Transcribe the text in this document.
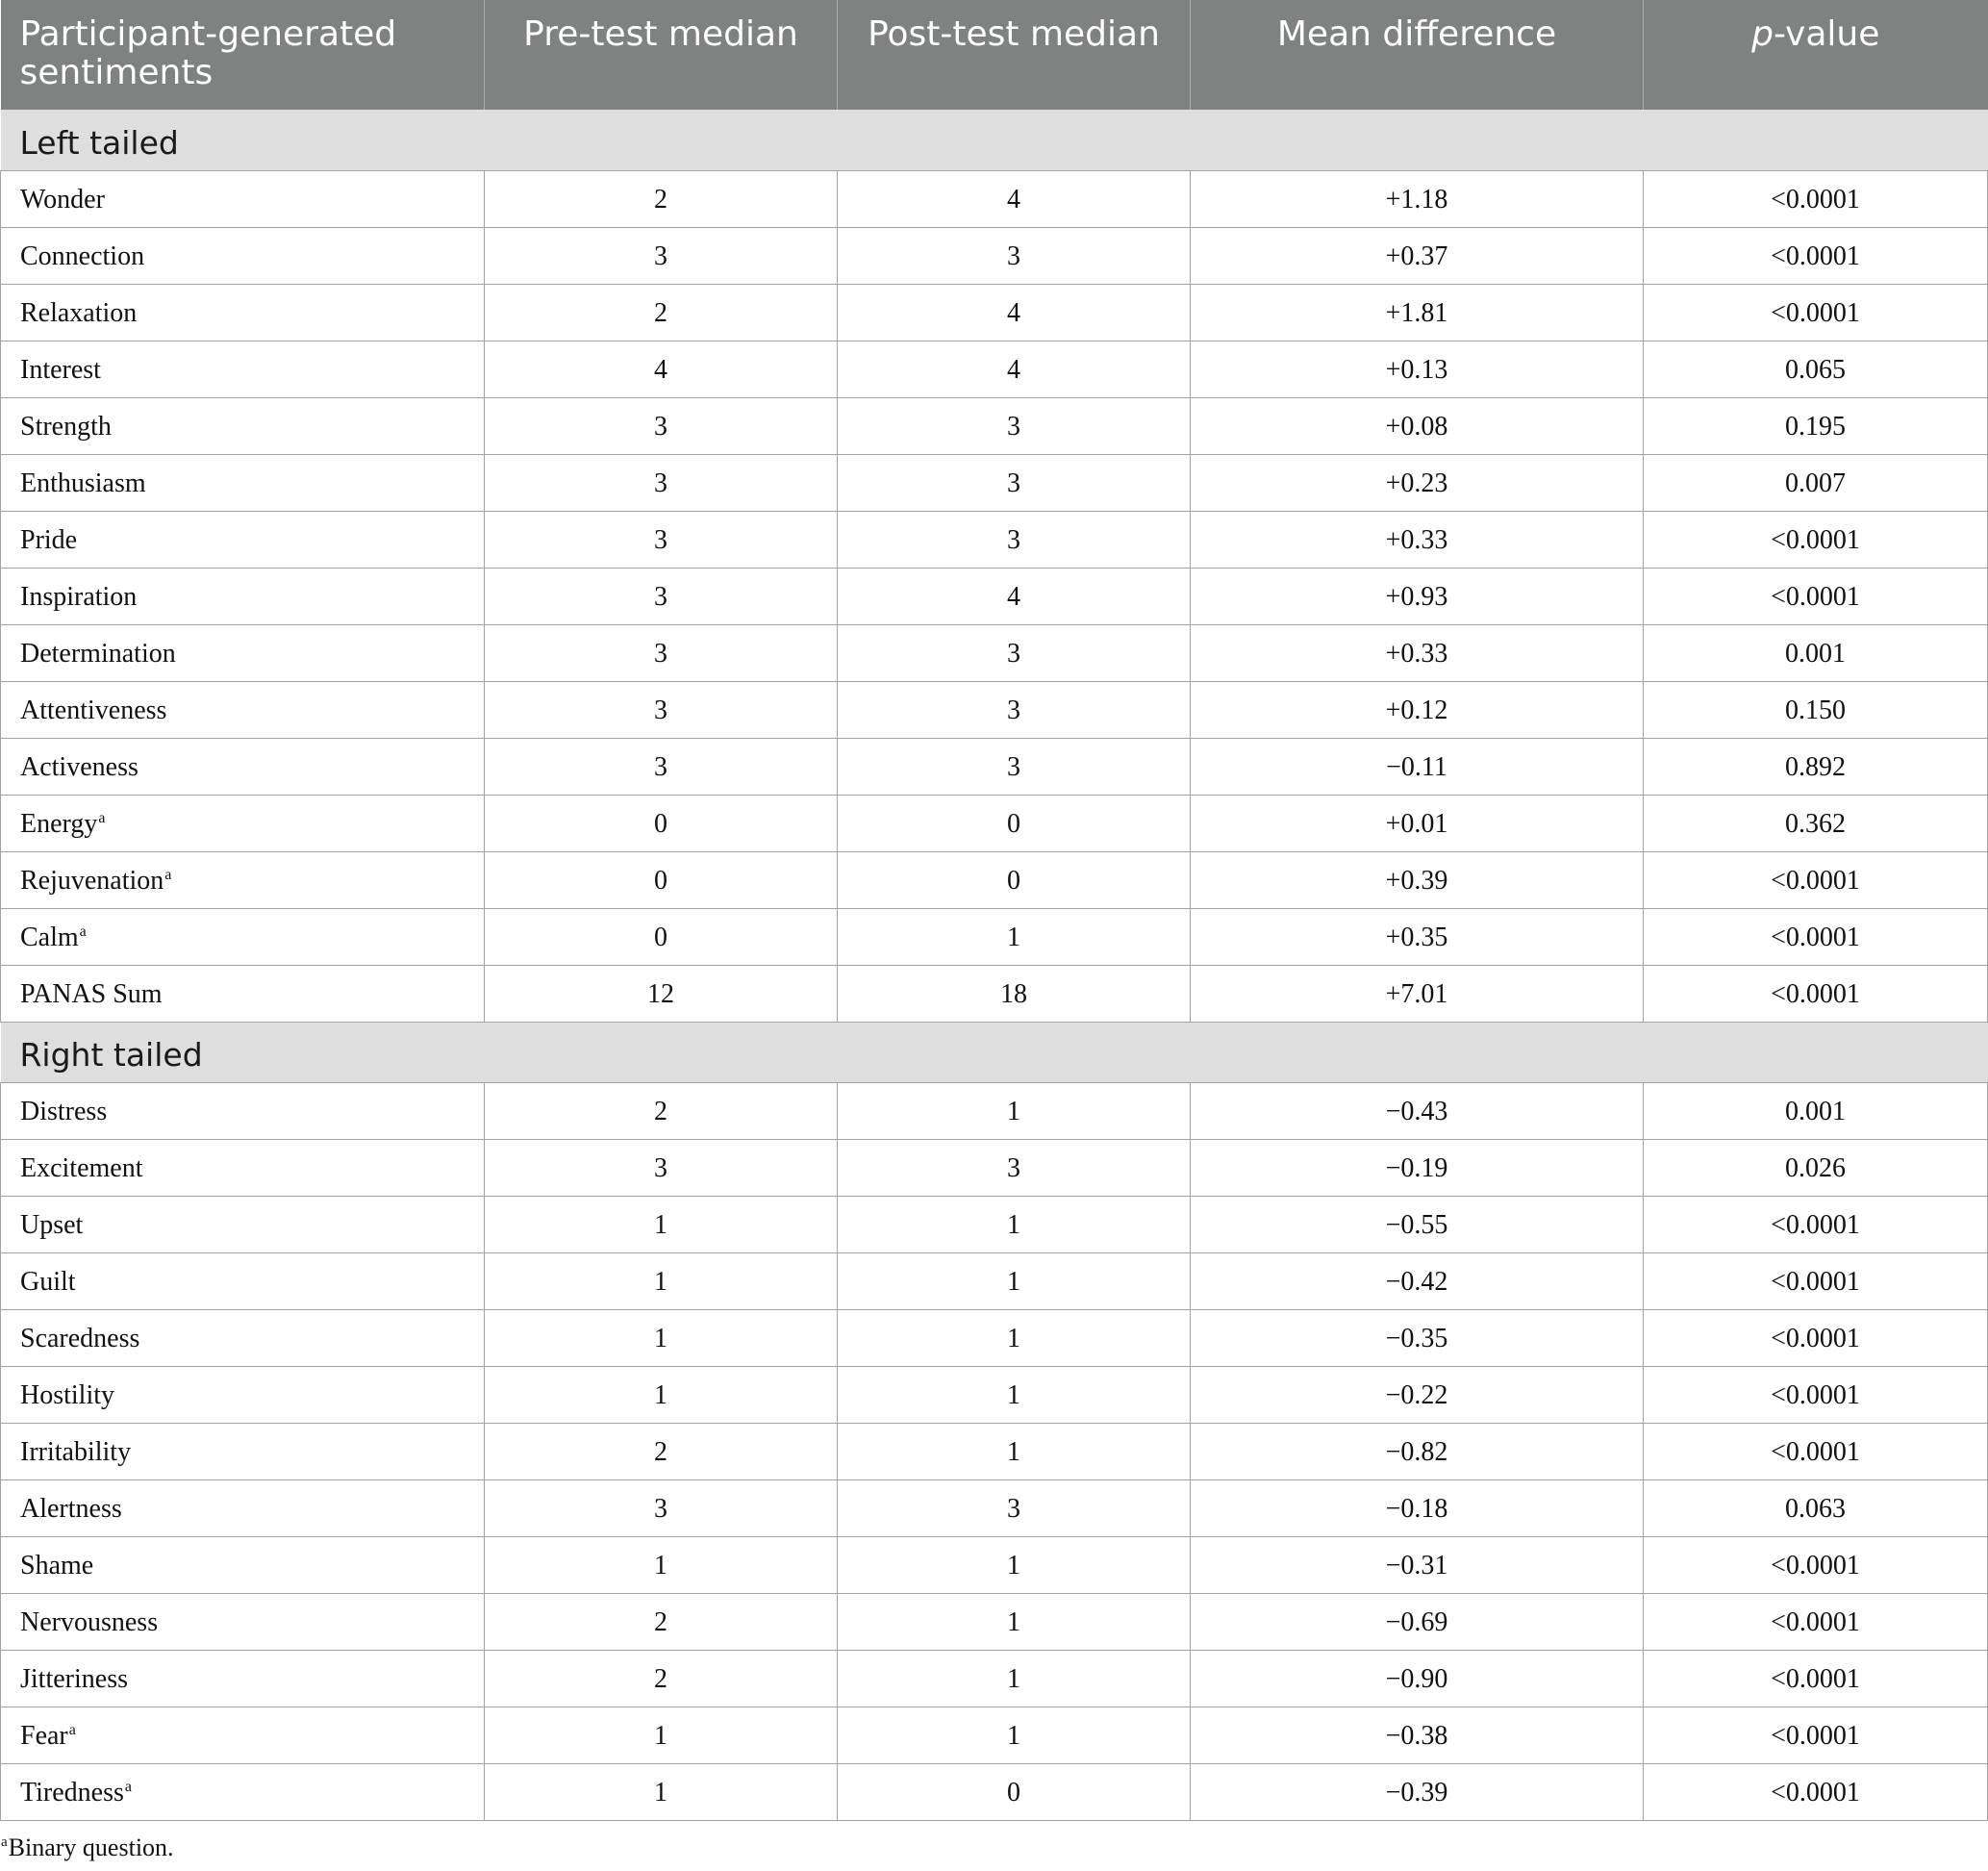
Participant-generated sentiments	Pre-test median	Post-test median	Mean difference	p-value
Left tailed				
Wonder	2	4	+1.18	<0.0001
Connection	3	3	+0.37	<0.0001
Relaxation	2	4	+1.81	<0.0001
Interest	4	4	+0.13	0.065
Strength	3	3	+0.08	0.195
Enthusiasm	3	3	+0.23	0.007
Pride	3	3	+0.33	<0.0001
Inspiration	3	4	+0.93	<0.0001
Determination	3	3	+0.33	0.001
Attentiveness	3	3	+0.12	0.150
Activeness	3	3	−0.11	0.892
Energy$^a$	0	0	+0.01	0.362
Rejuvenation$^a$	0	0	+0.39	<0.0001
Calm$^a$	0	1	+0.35	<0.0001
PANAS Sum	12	18	+7.01	<0.0001
Right tailed				
Distress	2	1	−0.43	0.001
Excitement	3	3	−0.19	0.026
Upset	1	1	−0.55	<0.0001
Guilt	1	1	−0.42	<0.0001
Scaredness	1	1	−0.35	<0.0001
Hostility	1	1	−0.22	<0.0001
Irritability	2	1	−0.82	<0.0001
Alertness	3	3	−0.18	0.063
Shame	1	1	−0.31	<0.0001
Nervousness	2	1	−0.69	<0.0001
Jitteriness	2	1	−0.90	<0.0001
Fear$^a$	1	1	−0.38	<0.0001
Tiredness$^a$	1	0	−0.39	<0.0001
$^a$Binary question.
